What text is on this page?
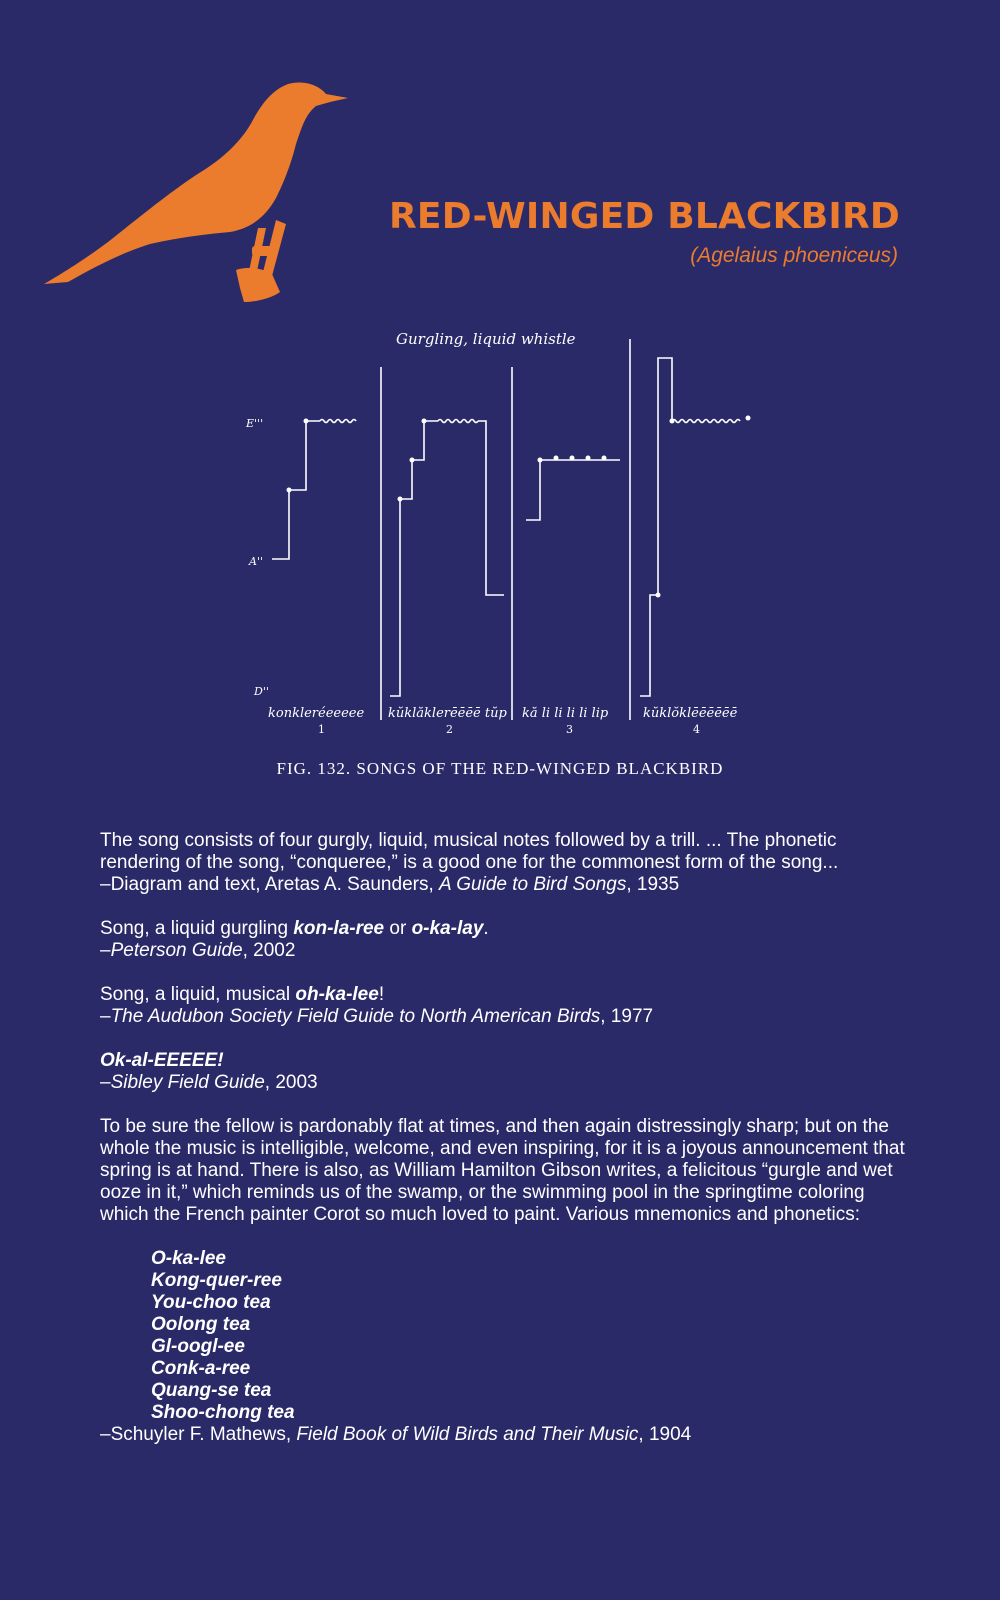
RED-WINGED BLACKBIRD
(Agelaius phoeniceus)
Gurgling, liquid whistle
E'''
A''
D''
konkleréeeeee
1
kŭklăklerēēēē tŭp
2
kă li li li li lip
3
kŭklŏklēēēēēē
4
FIG. 132. SONGS OF THE RED-WINGED BLACKBIRD

The song consists of four gurgly, liquid, musical notes followed by a trill. ... The phonetic rendering of the song, “conqueree,” is a good one for the commonest form of the song...

–Diagram and text, Aretas A. Saunders, A Guide to Bird Songs, 1935

Song, a liquid gurgling kon-la-ree or o-ka-lay.
–Peterson Guide, 2002

Song, a liquid, musical oh-ka-lee!
–The Audubon Society Field Guide to North American Birds, 1977

Ok-al-EEEEE!
–Sibley Field Guide, 2003

To be sure the fellow is pardonably flat at times, and then again distressingly sharp; but on the whole the music is intelligible, welcome, and even inspiring, for it is a joyous announcement that spring is at hand. There is also, as William Hamilton Gibson writes, a felicitous “gurgle and wet ooze in it,” which reminds us of the swamp, or the swimming pool in the springtime coloring which the French painter Corot so much loved to paint. Various mnemonics and phonetics:

O-ka-lee
Kong-quer-ree
You-choo tea
Oolong tea
Gl-oogl-ee
Conk-a-ree
Quang-se tea
Shoo-chong tea
–Schuyler F. Mathews, Field Book of Wild Birds and Their Music, 1904
